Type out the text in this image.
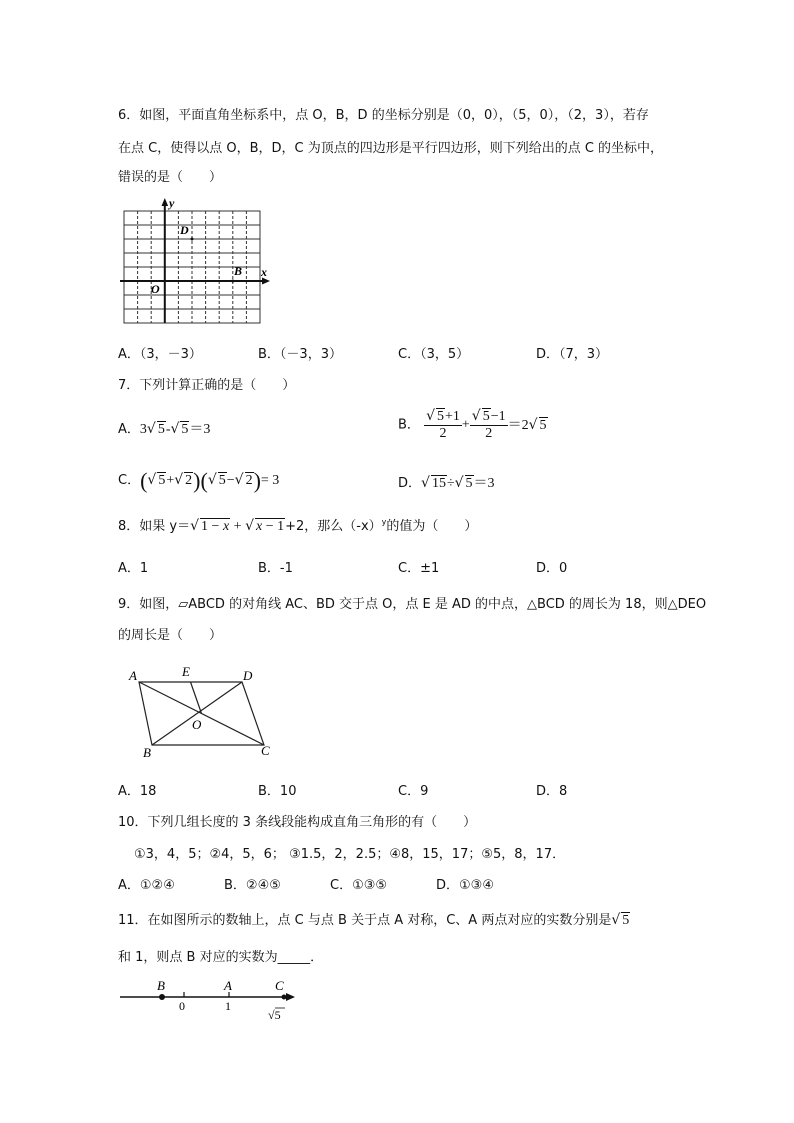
6．如图，平面直角坐标系中，点 O，B，D 的坐标分别是（0，0），（5，0），（2，3），若存
在点 C，使得以点 O，B，D，C 为顶点的四边形是平行四边形，则下列给出的点 C 的坐标中，
错误的是（　　）
y
x
O
B
D
A．（3，－3）	B．（－3，3）	C．（3，5）	D．（7，3）
7．下列计算正确的是（　　）
A．3√ 5-√ 5＝3	B． $\frac{√ 5+1}{2} + \frac{√ 5-1}{2} =2√$ 5
C．(√ 5+√ 2)(√ 5−√ 2)= 3	D．√ 15÷√ 5＝3
8．如果 y＝√ 1 − x + √ x − 1+2，那么$(-x)^y$的值为（　　）
A．1	B．-1	C．±1	D．0
9．如图，▱ABCD 的对角线 AC、BD 交于点 O，点 E 是 AD 的中点，△BCD 的周长为 18，则△DEO
的周长是（　　）
A	E	D
O
B	C
A．18	B．10	C．9	D．8
10．下列几组长度的 3 条线段能构成直角三角形的有（　　）
①3，4，5；②4，5，6； ③1.5，2，2.5；④8，15，17；⑤5，8，17．
A．①②④	B．②④⑤	C．①③⑤	D．①③④
11．在如图所示的数轴上，点 C 与点 B 关于点 A 对称，C、A 两点对应的实数分别是√ 5
和 1，则点 B 对应的实数为_____．
B	A	C
0	1
√5
